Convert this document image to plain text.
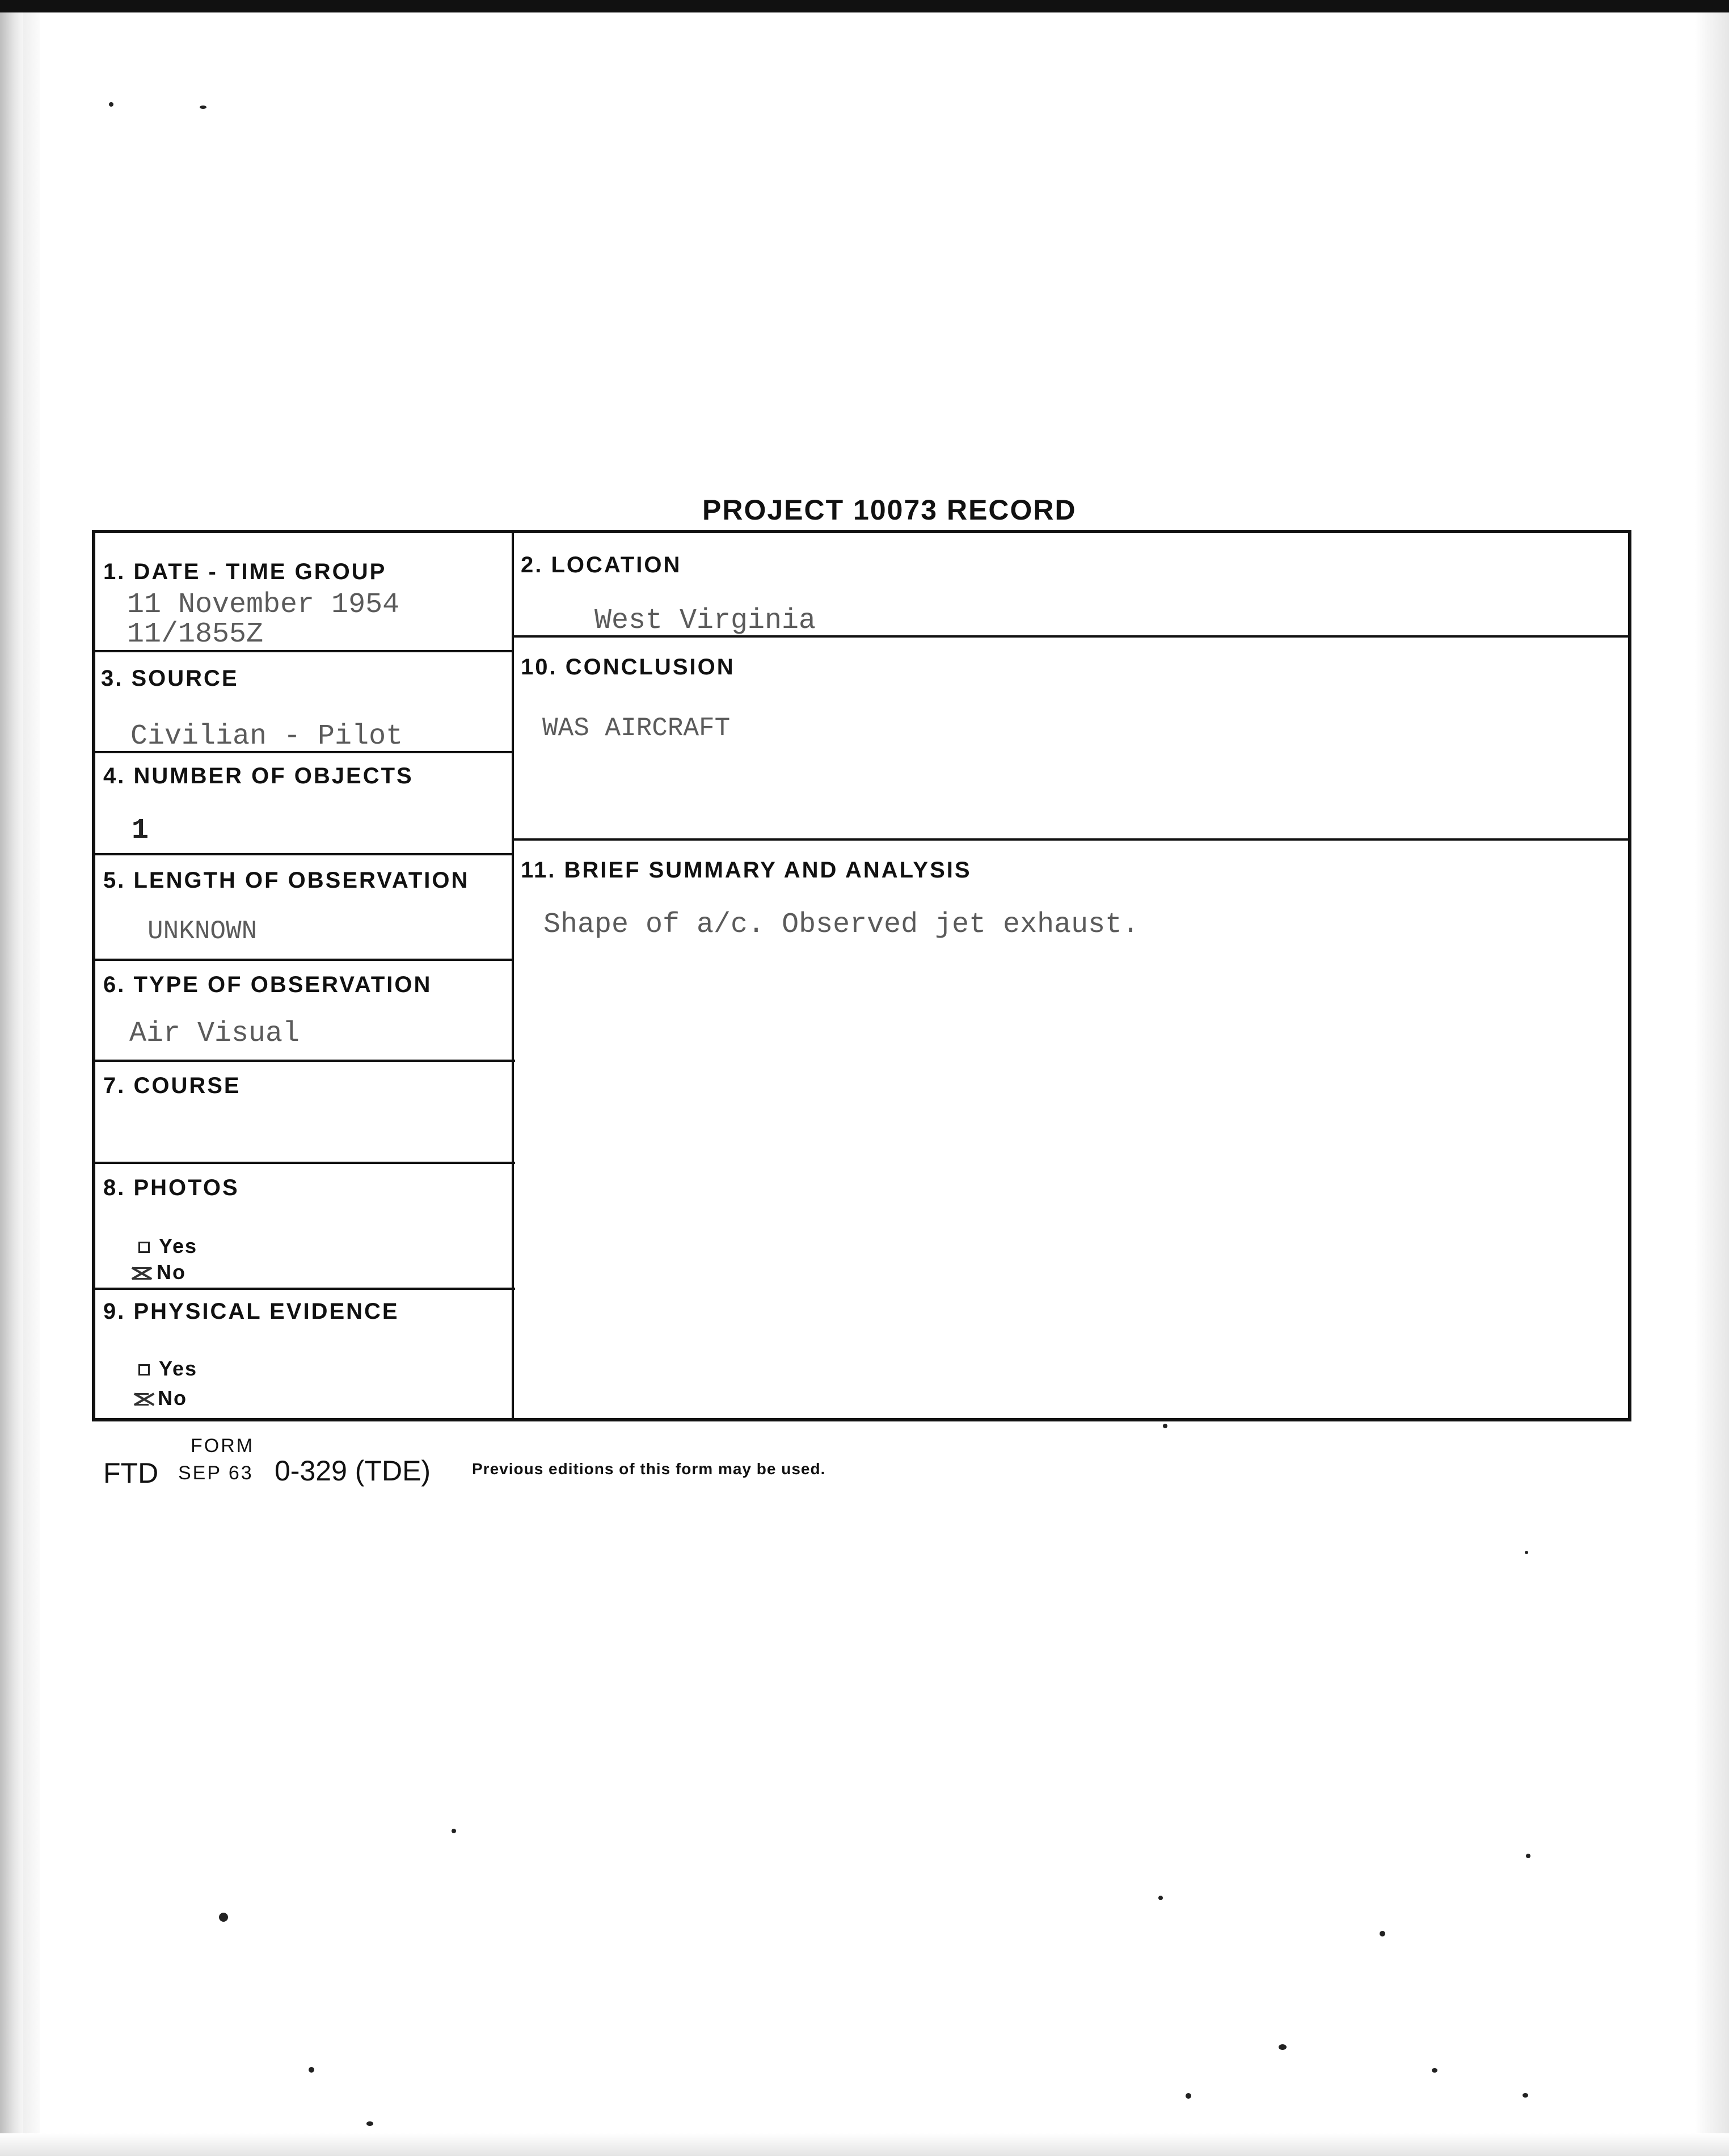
PROJECT 10073 RECORD
1. DATE - TIME GROUP
11 November 1954
11/1855Z
2. LOCATION
West Virginia
3. SOURCE
Civilian - Pilot
4. NUMBER OF OBJECTS
1
5. LENGTH OF OBSERVATION
UNKNOWN
6. TYPE OF OBSERVATION
Air Visual
7. COURSE
8. PHOTOS
Yes
No
9. PHYSICAL EVIDENCE
Yes
No
10. CONCLUSION
WAS AIRCRAFT
11. BRIEF SUMMARY AND ANALYSIS
Shape of a/c. Observed jet exhaust.
FTD
FORM
SEP 63 0-329 (TDE)	Previous editions of this form may be used.
